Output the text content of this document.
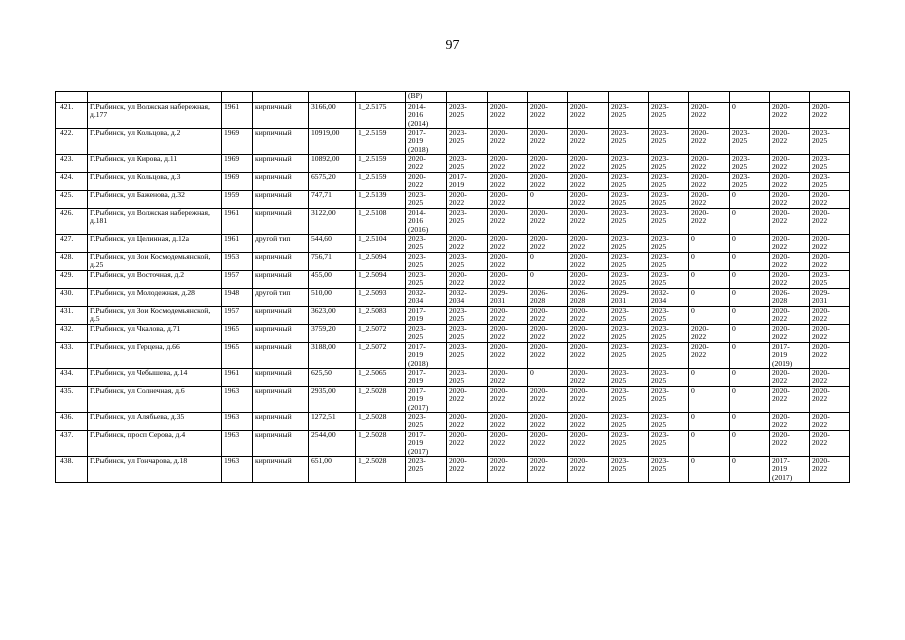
97
						(ВР)										
421.	Г.Рыбинск, ул Волжская набережная, д.177	1961	кирпичный	3166,00	1_2.5175	2014-
2016
(2014)	2023-
2025	2020-
2022	2020-
2022	2020-
2022	2023-
2025	2023-
2025	2020-
2022	0	2020-
2022	2020-
2022
422.	Г.Рыбинск, ул Кольцова, д.2	1969	кирпичный	10919,00	1_2.5159	2017-
2019
(2018)	2023-
2025	2020-
2022	2020-
2022	2020-
2022	2023-
2025	2023-
2025	2020-
2022	2023-
2025	2020-
2022	2023-
2025
423.	Г.Рыбинск, ул Кирова, д.11	1969	кирпичный	10892,00	1_2.5159	2020-
2022	2023-
2025	2020-
2022	2020-
2022	2020-
2022	2023-
2025	2023-
2025	2020-
2022	2023-
2025	2020-
2022	2023-
2025
424.	Г.Рыбинск, ул Кольцова, д.3	1969	кирпичный	6575,20	1_2.5159	2020-
2022	2017-
2019	2020-
2022	2020-
2022	2020-
2022	2023-
2025	2023-
2025	2020-
2022	2023-
2025	2020-
2022	2023-
2025
425.	Г.Рыбинск, ул Баженова, д.32	1959	кирпичный	747,71	1_2.5139	2023-
2025	2020-
2022	2020-
2022	0	2020-
2022	2023-
2025	2023-
2025	2020-
2022	0	2020-
2022	2020-
2022
426.	Г.Рыбинск, ул Волжская набережная, д.181	1961	кирпичный	3122,00	1_2.5108	2014-
2016
(2016)	2023-
2025	2020-
2022	2020-
2022	2020-
2022	2023-
2025	2023-
2025	2020-
2022	0	2020-
2022	2020-
2022
427.	Г.Рыбинск, ул Целинная, д.12а	1961	другой тип	544,60	1_2.5104	2023-
2025	2020-
2022	2020-
2022	2020-
2022	2020-
2022	2023-
2025	2023-
2025	0	0	2020-
2022	2020-
2022
428.	Г.Рыбинск, ул Зои Космодемьянской, д.25	1953	кирпичный	756,71	1_2.5094	2023-
2025	2023-
2025	2020-
2022	0	2020-
2022	2023-
2025	2023-
2025	0	0	2020-
2022	2020-
2022
429.	Г.Рыбинск, ул Восточная, д.2	1957	кирпичный	455,00	1_2.5094	2023-
2025	2020-
2022	2020-
2022	0	2020-
2022	2023-
2025	2023-
2025	0	0	2020-
2022	2023-
2025
430.	Г.Рыбинск, ул Молодежная, д.28	1948	другой тип	510,00	1_2.5093	2032-
2034	2032-
2034	2029-
2031	2026-
2028	2026-
2028	2029-
2031	2032-
2034	0	0	2026-
2028	2029-
2031
431.	Г.Рыбинск, ул Зои Космодемьянской, д.5	1957	кирпичный	3623,00	1_2.5083	2017-
2019	2023-
2025	2020-
2022	2020-
2022	2020-
2022	2023-
2025	2023-
2025	0	0	2020-
2022	2020-
2022
432.	Г.Рыбинск, ул Чкалова, д.71	1965	кирпичный	3759,20	1_2.5072	2023-
2025	2023-
2025	2020-
2022	2020-
2022	2020-
2022	2023-
2025	2023-
2025	2020-
2022	0	2020-
2022	2020-
2022
433.	Г.Рыбинск, ул Герцена, д.66	1965	кирпичный	3188,00	1_2.5072	2017-
2019
(2018)	2023-
2025	2020-
2022	2020-
2022	2020-
2022	2023-
2025	2023-
2025	2020-
2022	0	2017-
2019
(2019)	2020-
2022
434.	Г.Рыбинск, ул Чебышева, д.14	1961	кирпичный	625,50	1_2.5065	2017-
2019	2023-
2025	2020-
2022	0	2020-
2022	2023-
2025	2023-
2025	0	0	2020-
2022	2020-
2022
435.	Г.Рыбинск, ул Солнечная, д.6	1963	кирпичный	2935,00	1_2.5028	2017-
2019
(2017)	2020-
2022	2020-
2022	2020-
2022	2020-
2022	2023-
2025	2023-
2025	0	0	2020-
2022	2020-
2022
436.	Г.Рыбинск, ул Алябьева, д.35	1963	кирпичный	1272,51	1_2.5028	2023-
2025	2020-
2022	2020-
2022	2020-
2022	2020-
2022	2023-
2025	2023-
2025	0	0	2020-
2022	2020-
2022
437.	Г.Рыбинск, просп Серова, д.4	1963	кирпичный	2544,00	1_2.5028	2017-
2019
(2017)	2020-
2022	2020-
2022	2020-
2022	2020-
2022	2023-
2025	2023-
2025	0	0	2020-
2022	2020-
2022
438.	Г.Рыбинск, ул Гончарова, д.18	1963	кирпичный	651,00	1_2.5028	2023-
2025	2020-
2022	2020-
2022	2020-
2022	2020-
2022	2023-
2025	2023-
2025	0	0	2017-
2019
(2017)	2020-
2022
